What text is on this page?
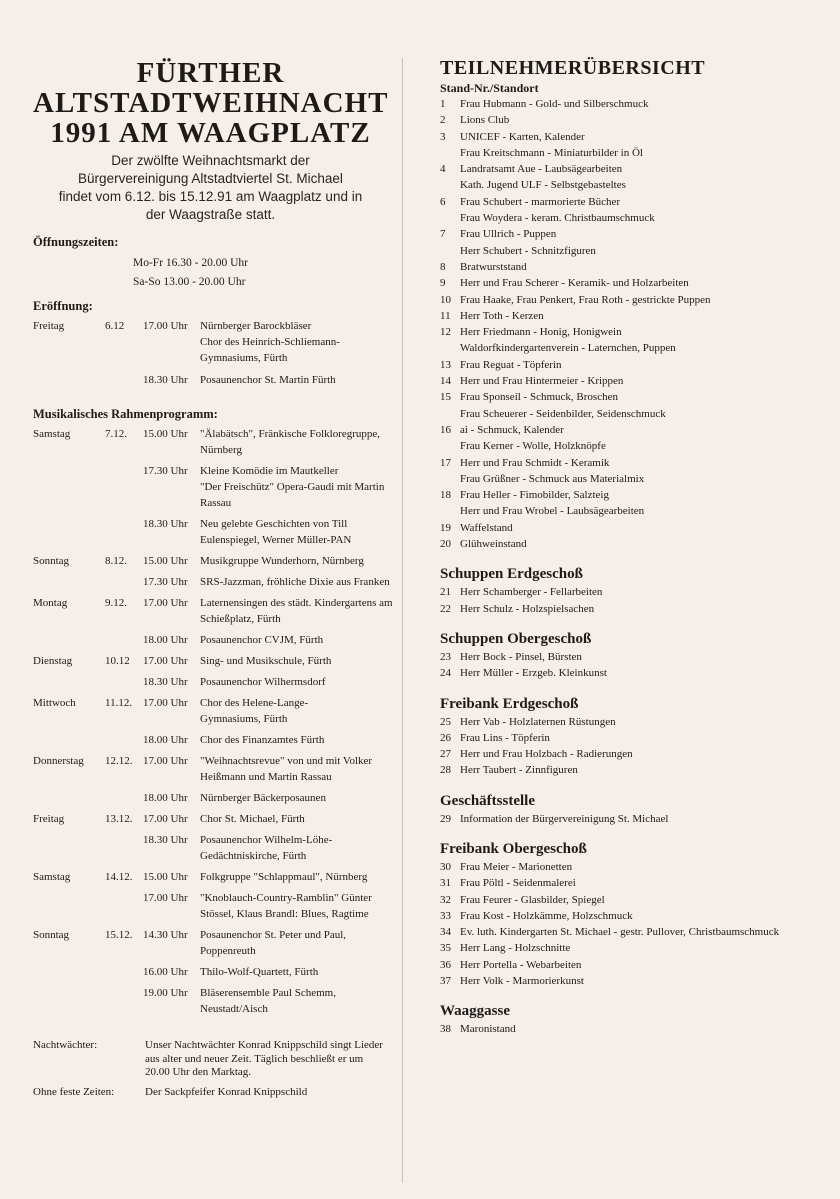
FÜRTHER
ALTSTADTWEIHNACHT
1991 AM WAAGPLATZ
Der zwölfte Weihnachtsmarkt der
Bürgervereinigung Altstadtviertel St. Michael
findet vom 6.12. bis 15.12.91 am Waagplatz und in
der Waagstraße statt.
Öffnungszeiten:
Mo-Fr 16.30 - 20.00 Uhr
Sa-So 13.00 - 20.00 Uhr
Eröffnung:
Freitag	6.12	17.00 Uhr	Nürnberger Barockbläser
Chor des Heinrich-Schliemann-
Gymnasiums, Fürth
18.30 Uhr	Posaunenchor St. Martin Fürth
Musikalisches Rahmenprogramm:
Samstag	7.12.	15.00 Uhr	"Älabätsch", Fränkische Folkloregruppe, Nürnberg
17.30 Uhr	Kleine Komödie im Mautkeller
"Der Freischütz" Opera-Gaudi mit Martin Rassau
18.30 Uhr	Neu gelebte Geschichten von Till Eulenspiegel, Werner Müller-PAN
Sonntag	8.12.	15.00 Uhr	Musikgruppe Wunderhorn, Nürnberg
17.30 Uhr	SRS-Jazzman, fröhliche Dixie aus Franken
Montag	9.12.	17.00 Uhr	Laternensingen des städt. Kindergartens am Schießplatz, Fürth
18.00 Uhr	Posaunenchor CVJM, Fürth
Dienstag	10.12	17.00 Uhr	Sing- und Musikschule, Fürth
18.30 Uhr	Posaunenchor Wilhermsdorf
Mittwoch	11.12. 17.00 Uhr	Chor des Helene-Lange-
Gymnasiums, Fürth
18.00 Uhr	Chor des Finanzamtes Fürth
Donnerstag	12.12. 17.00 Uhr	"Weihnachtsrevue" von und mit Volker Heißmann und Martin Rassau
18.00 Uhr	Nürnberger Bäckerposaunen
Freitag	13.12. 17.00 Uhr	Chor St. Michael, Fürth
18.30 Uhr	Posaunenchor Wilhelm-Löhe-Gedächtniskirche, Fürth
Samstag	14.12. 15.00 Uhr	Folkgruppe "Schlappmaul", Nürnberg
17.00 Uhr	"Knoblauch-Country-Ramblin" Günter Stössel, Klaus Brandl: Blues, Ragtime
Sonntag	15.12. 14.30 Uhr	Posaunenchor St. Peter und Paul, Poppenreuth
16.00 Uhr	Thilo-Wolf-Quartett, Fürth
19.00 Uhr	Bläserensemble Paul Schemm, Neustadt/Aisch
Nachtwächter:	Unser Nachtwächter Konrad Knippschild singt Lieder aus alter und neuer Zeit. Täglich beschließt er um 20.00 Uhr den Marktag.
Ohne feste Zeiten:	Der Sackpfeifer Konrad Knippschild
TEILNEHMERÜBERSICHT
Stand-Nr./Standort
1	Frau Hubmann - Gold- und Silberschmuck
2	Lions Club
3	UNICEF - Karten, Kalender
Frau Kreitschmann - Miniaturbilder in Öl
4	Landratsamt Aue - Laubsägearbeiten
Kath. Jugend ULF - Selbstgebasteltes
6	Frau Schubert - marmorierte Bücher
Frau Woydera - keram. Christbaumschmuck
7	Frau Ullrich - Puppen
Herr Schubert - Schnitzfiguren
8	Bratwurststand
9	Herr und Frau Scherer - Keramik- und Holzarbeiten
10 Frau Haake, Frau Penkert, Frau Roth - gestrickte Puppen
11 Herr Toth - Kerzen
12 Herr Friedmann - Honig, Honigwein
Waldorfkindergartenverein - Laternchen, Puppen
13 Frau Reguat - Töpferin
14 Herr und Frau Hintermeier - Krippen
15 Frau Sponseil - Schmuck, Broschen
Frau Scheuerer - Seidenbilder, Seidenschmuck
16 ai - Schmuck, Kalender
Frau Kerner - Wolle, Holzknöpfe
17 Herr und Frau Schmidt - Keramik
Frau Grüßner - Schmuck aus Materialmix
18 Frau Heller - Fimobilder, Salzteig
Herr und Frau Wrobel - Laubsägearbeiten
19 Waffelstand
20 Glühweinstand
Schuppen Erdgeschoß
21 Herr Schamberger - Fellarbeiten
22 Herr Schulz - Holzspielsachen
Schuppen Obergeschoß
23 Herr Bock - Pinsel, Bürsten
24 Herr Müller - Erzgeb. Kleinkunst
Freibank Erdgeschoß
25 Herr Vab - Holzlaternen Rüstungen
26 Frau Lins - Töpferin
27 Herr und Frau Holzbach - Radierungen
28 Herr Taubert - Zinnfiguren
Geschäftsstelle
29 Information der Bürgervereinigung St. Michael
Freibank Obergeschoß
30 Frau Meier - Marionetten
31 Frau Pöltl - Seidenmalerei
32 Frau Feurer - Glasbilder, Spiegel
33 Frau Kost - Holzkämme, Holzschmuck
34 Ev. luth. Kindergarten St. Michael - gestr. Pullover, Christbaumschmuck
35 Herr Lang - Holzschnitte
36 Herr Portella - Webarbeiten
37 Herr Volk - Marmorierkunst
Waaggasse
38 Maronistand
